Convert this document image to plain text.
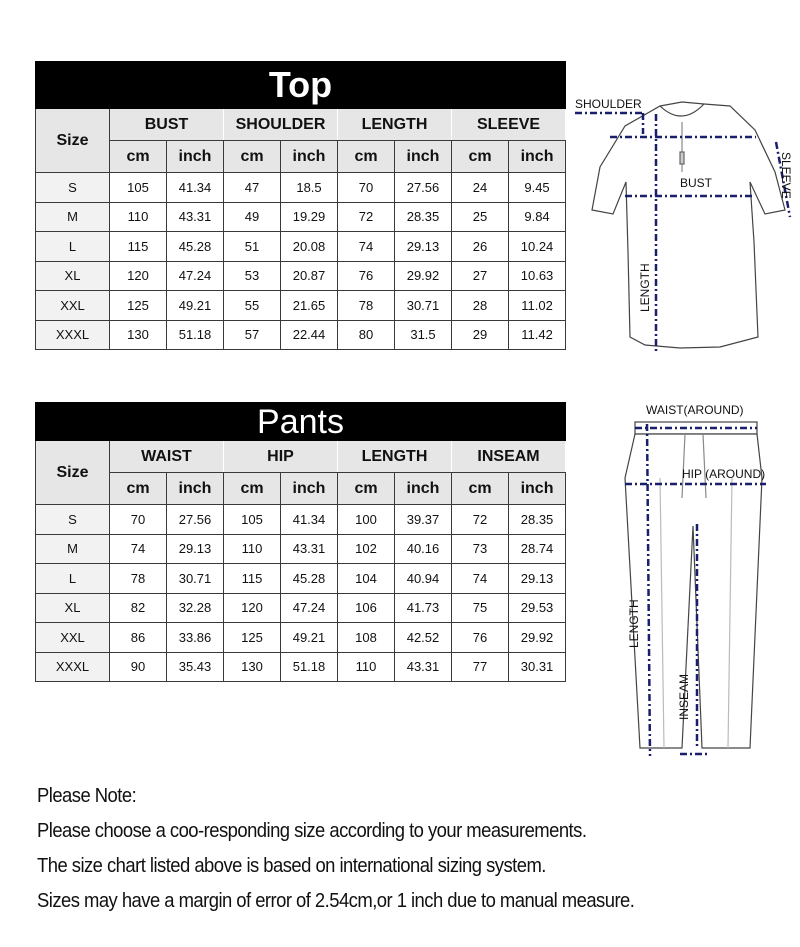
Top								
Size	BUST		SHOULDER		LENGTH		SLEEVE	
	cm	inch	cm	inch	cm	inch	cm	inch
S	105	41.34	47	18.5	70	27.56	24	9.45
M	110	43.31	49	19.29	72	28.35	25	9.84
L	115	45.28	51	20.08	74	29.13	26	10.24
XL	120	47.24	53	20.87	76	29.92	27	10.63
XXL	125	49.21	55	21.65	78	30.71	28	11.02
XXXL	130	51.18	57	22.44	80	31.5	29	11.42
Pants								
Size	WAIST		HIP		LENGTH		INSEAM	
	cm	inch	cm	inch	cm	inch	cm	inch
S	70	27.56	105	41.34	100	39.37	72	28.35
M	74	29.13	110	43.31	102	40.16	73	28.74
L	78	30.71	115	45.28	104	40.94	74	29.13
XL	82	32.28	120	47.24	106	41.73	75	29.53
XXL	86	33.86	125	49.21	108	42.52	76	29.92
XXXL	90	35.43	130	51.18	110	43.31	77	30.31
SHOULDER
BUST	SLEEVE
LENGTH
WAIST(AROUND)
HIP (AROUND)
LENGTH
INSEAM
Please Note:
Please choose a coo-responding size according to your measurements.
The size chart listed above is based on international sizing system.
Sizes may have a margin of error of 2.54cm,or 1 inch due to manual measure.
